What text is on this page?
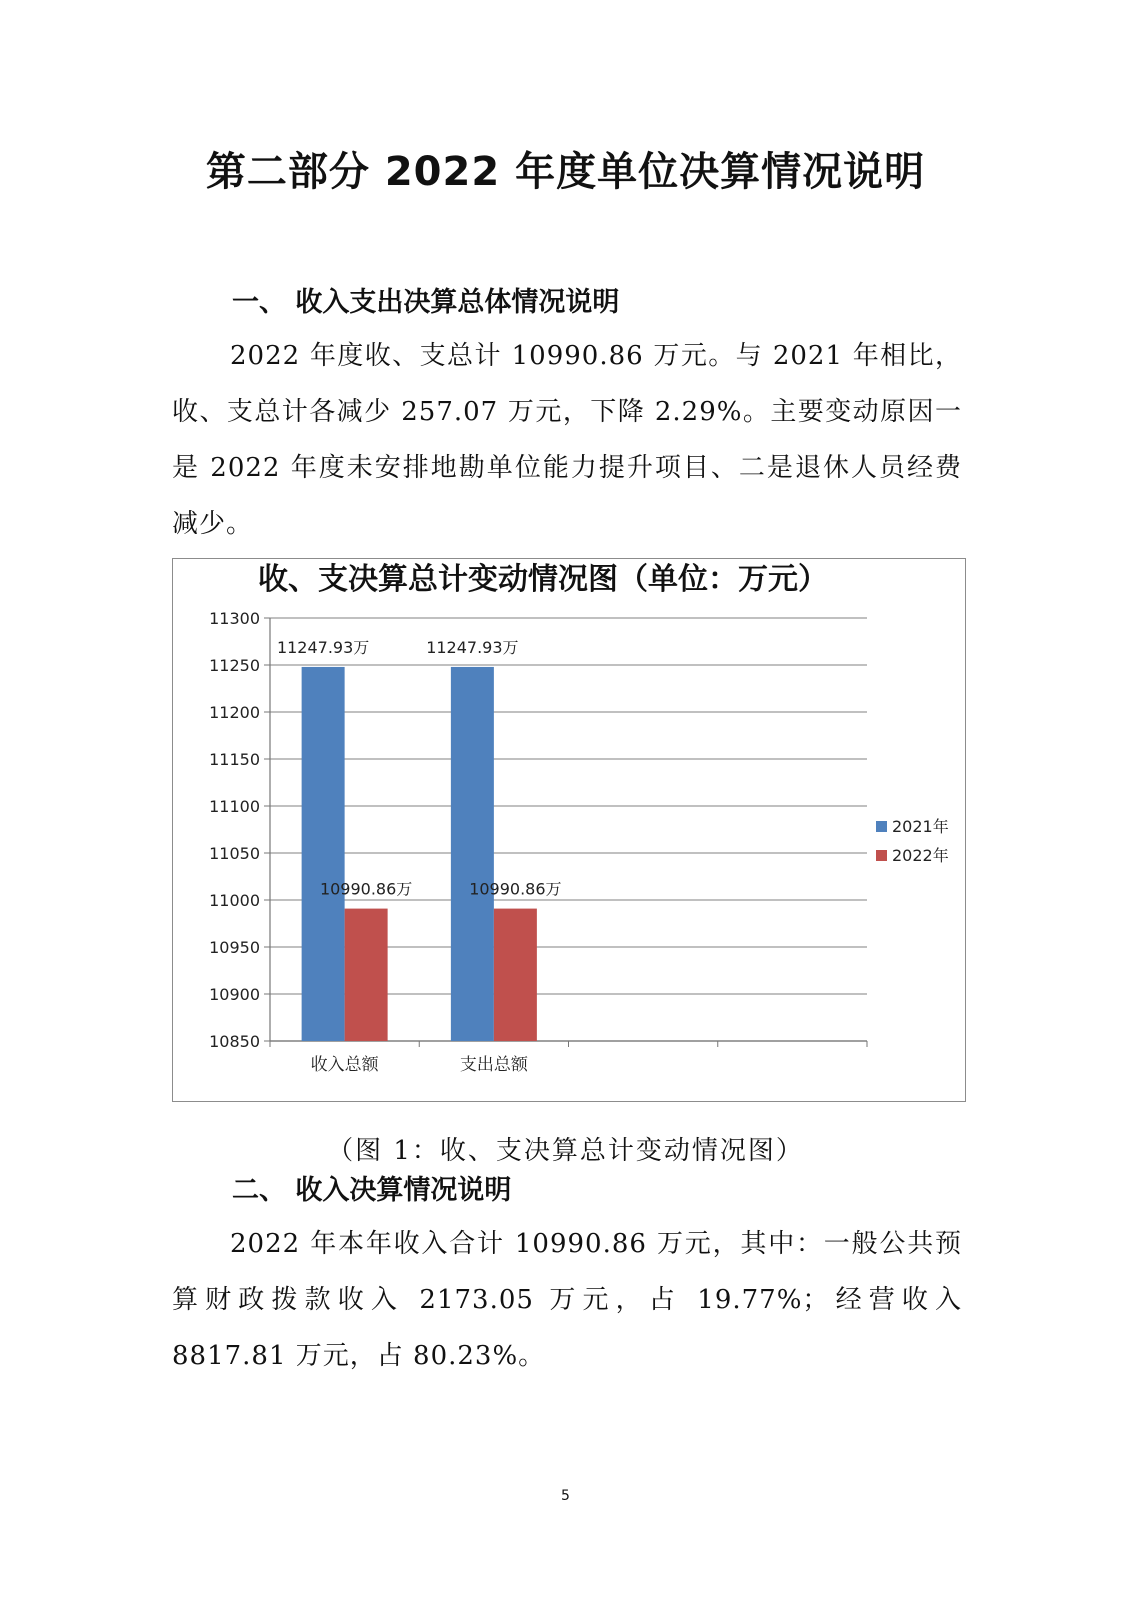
第二部分 2022 年度单位决算情况说明
一、 收入支出决算总体情况说明
2022 年度收、支总计 10990.86 万元。与 2021 年相比，收、支总计各减少 257.07 万元，下降 2.29%。主要变动原因一是 2022 年度未安排地勘单位能力提升项目、二是退休人员经费减少。
收、支决算总计变动情况图（单位：万元）
10850
10900
10950
11000
11050
11100
11150
11200
11250
11300
收入总额	支出总额
11247.93万	11247.93万
10990.86万	10990.86万
2021年
2022年
（图 1：收、支决算总计变动情况图）
二、 收入决算情况说明
2022 年本年收入合计 10990.86 万元，其中：一般公共预算财政拨款收入 2173.05 万元，占 19.77%；经营收入 8817.81 万元，占 80.23%。
5
